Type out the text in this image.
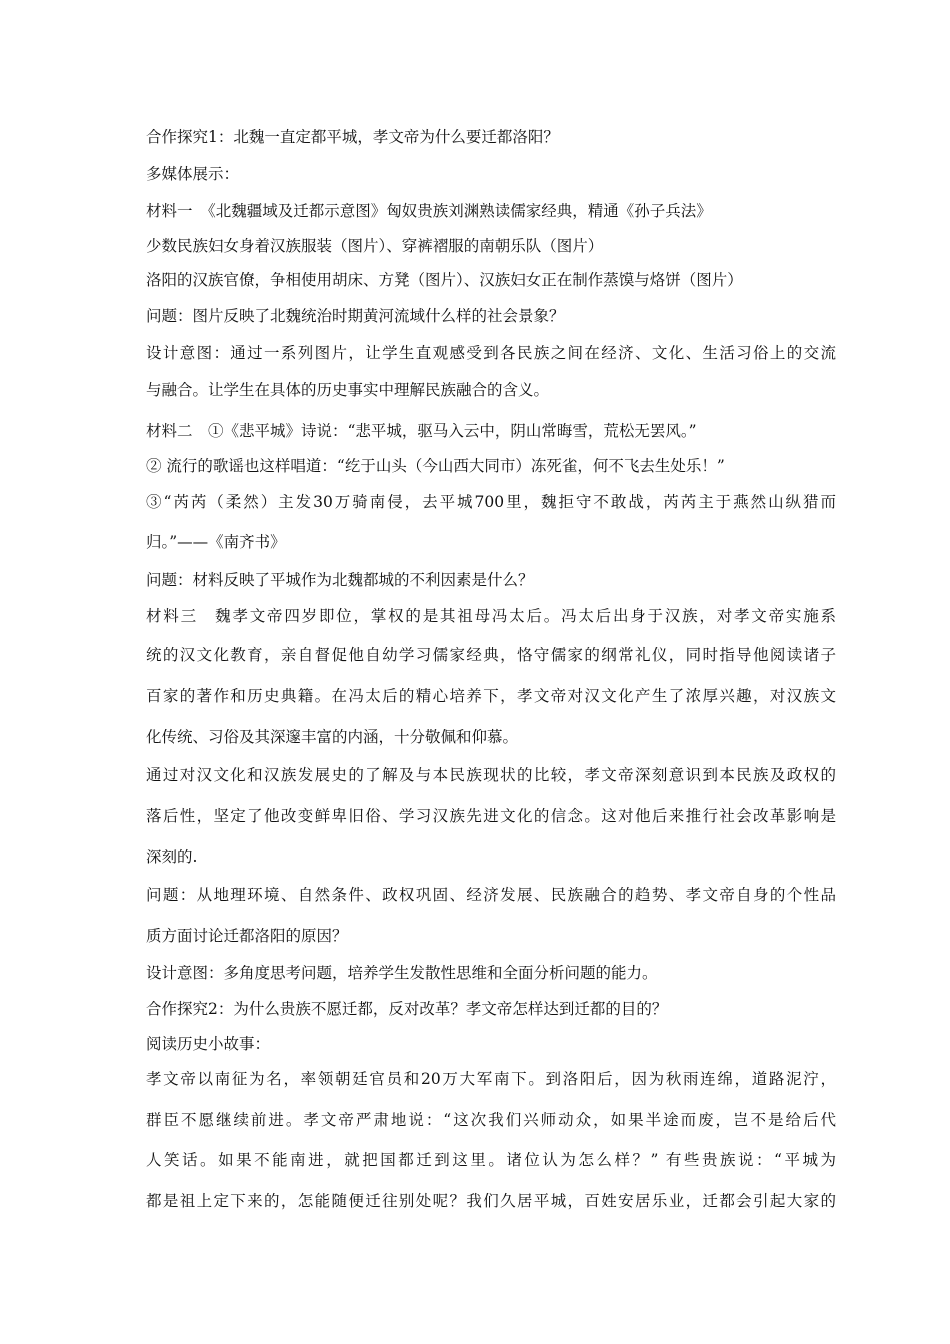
合作探究1：北魏一直定都平城，孝文帝为什么要迁都洛阳？
多媒体展示：
材料一　《北魏疆域及迁都示意图》匈奴贵族刘渊熟读儒家经典，精通《孙子兵法》
少数民族妇女身着汉族服装（图片）、穿裤褶服的南朝乐队（图片）
洛阳的汉族官僚，争相使用胡床、方凳（图片）、汉族妇女正在制作蒸馍与烙饼（图片）
问题：图片反映了北魏统治时期黄河流域什么样的社会景象？
设计意图：通过一系列图片，让学生直观感受到各民族之间在经济、文化、生活习俗上的交流
与融合。让学生在具体的历史事实中理解民族融合的含义。
材料二　①《悲平城》诗说：“悲平城，驱马入云中，阴山常晦雪，荒松无罢风。”
② 流行的歌谣也这样唱道：“纥于山头（今山西大同市）冻死雀，何不飞去生处乐！”
③“芮芮（柔然）主发30万骑南侵，去平城700里，魏拒守不敢战，芮芮主于燕然山纵猎而
归。”——《南齐书》
问题：材料反映了平城作为北魏都城的不利因素是什么？
材料三　魏孝文帝四岁即位，掌权的是其祖母冯太后。冯太后出身于汉族，对孝文帝实施系
统的汉文化教育，亲自督促他自幼学习儒家经典，恪守儒家的纲常礼仪，同时指导他阅读诸子
百家的著作和历史典籍。在冯太后的精心培养下，孝文帝对汉文化产生了浓厚兴趣，对汉族文
化传统、习俗及其深邃丰富的内涵，十分敬佩和仰慕。
通过对汉文化和汉族发展史的了解及与本民族现状的比较，孝文帝深刻意识到本民族及政权的
落后性，坚定了他改变鲜卑旧俗、学习汉族先进文化的信念。这对他后来推行社会改革影响是
深刻的.
问题：从地理环境、自然条件、政权巩固、经济发展、民族融合的趋势、孝文帝自身的个性品
质方面讨论迁都洛阳的原因？
设计意图：多角度思考问题，培养学生发散性思维和全面分析问题的能力。
合作探究2：为什么贵族不愿迁都，反对改革？孝文帝怎样达到迁都的目的？
阅读历史小故事：
孝文帝以南征为名，率领朝廷官员和20万大军南下。到洛阳后，因为秋雨连绵，道路泥泞，
群臣不愿继续前进。孝文帝严肃地说：“这次我们兴师动众，如果半途而废，岂不是给后代
人笑话。如果不能南进，就把国都迁到这里。诸位认为怎么样？” 有些贵族说：“平城为
都是祖上定下来的，怎能随便迁往别处呢？我们久居平城，百姓安居乐业，迁都会引起大家的
